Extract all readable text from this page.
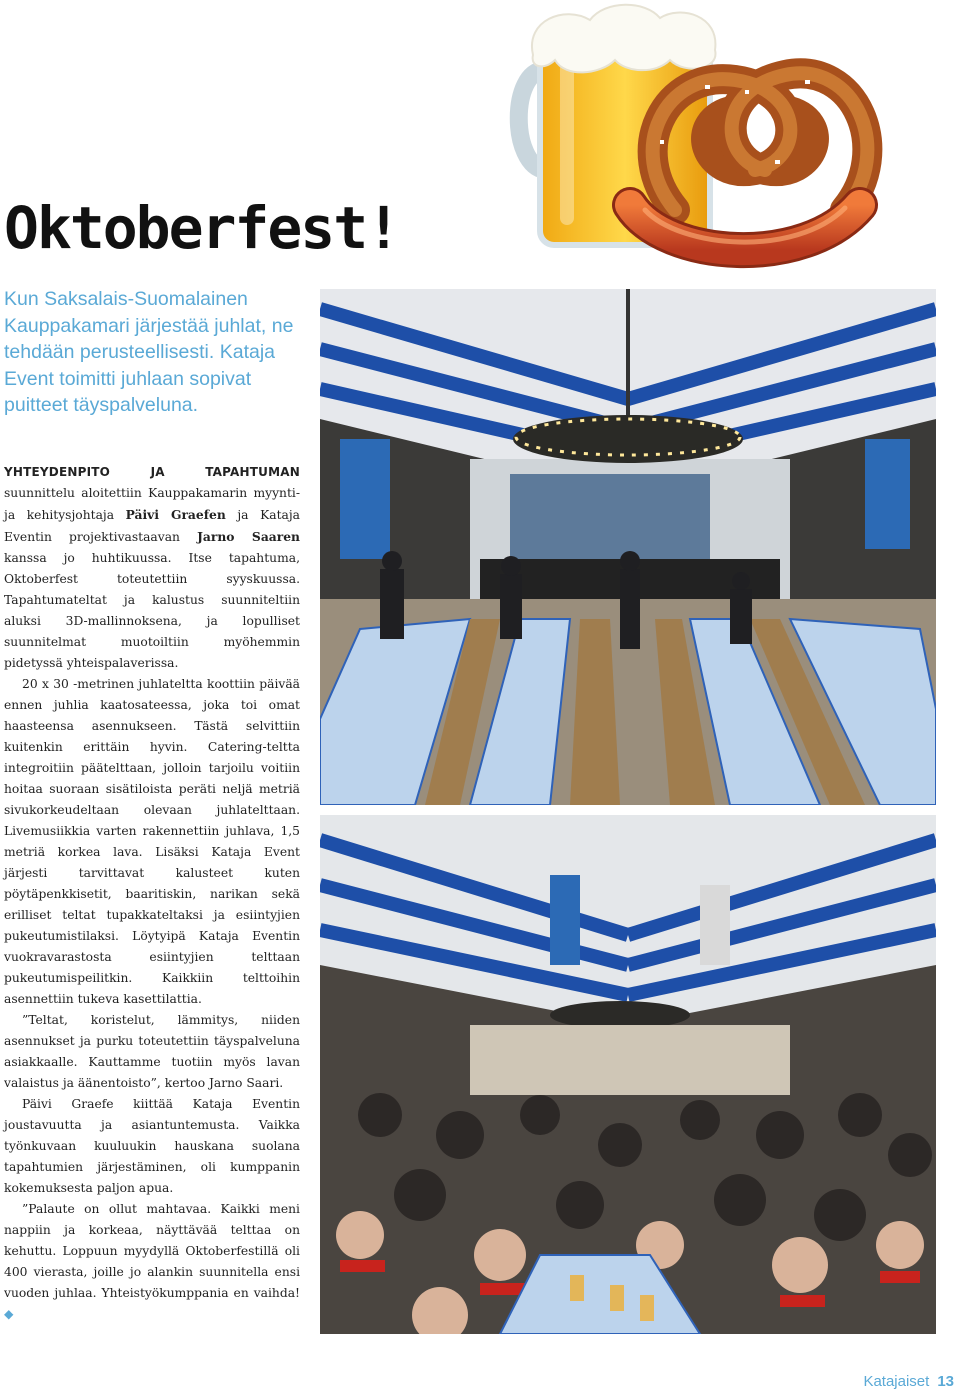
Oktoberfest!

Kun Saksalais-Suomalainen Kauppakamari järjestää juhlat, ne tehdään perusteellisesti. Kataja Event toimitti juhlaan sopivat puitteet täyspalveluna.

YHTEYDENPITO JA TAPAHTUMAN suunnittelu aloitettiin Kauppakamarin myynti- ja kehitysjohtaja Päivi Graefen ja Kataja Eventin projektivastaavan Jarno Saaren kanssa jo huhtikuussa. Itse tapahtuma, Oktoberfest toteutettiin syyskuussa. Tapahtumateltat ja kalustus suunniteltiin aluksi 3D-mallinnoksena, ja lopulliset suunnitelmat muotoiltiin myöhemmin pidetyssä yhteispalaverissa.

20 x 30 -metrinen juhlateltta koottiin päivää ennen juhlia kaatosateessa, joka toi omat haasteensa asennukseen. Tästä selvittiin kuitenkin erittäin hyvin. Catering-teltta integroitiin päätelttaan, jolloin tarjoilu voitiin hoitaa suoraan sisätiloista peräti neljä metriä sivukorkeudeltaan olevaan juhlatelttaan. Livemusiikkia varten rakennettiin juhlava, 1,5 metriä korkea lava. Lisäksi Kataja Event järjesti tarvittavat kalusteet kuten pöytäpenkkisetit, baaritiskin, narikan sekä erilliset teltat tupakkateltaksi ja esiintyjien pukeutumistilaksi. Löytyipä Kataja Eventin vuokravarastosta esiintyjien telttaan pukeutumispeilitkin. Kaikkiin telttoihin asennettiin tukeva kasettilattia.

”Teltat, koristelut, lämmitys, niiden asennukset ja purku toteutettiin täyspalveluna asiakkaalle. Kauttamme tuotiin myös lavan valaistus ja äänentoisto”, kertoo Jarno Saari.

Päivi Graefe kiittää Kataja Eventin joustavuutta ja asiantuntemusta. Vaikka työnkuvaan kuuluukin hauskana suolana tapahtumien järjestäminen, oli kumppanin kokemuksesta paljon apua.

”Palaute on ollut mahtavaa. Kaikki meni nappiin ja korkeaa, näyttävää telttaa on kehuttu. Loppuun myydyllä Oktoberfestillä oli 400 vierasta, joille jo alankin suunnitella ensi vuoden juhlaa. Yhteistyökumppania en vaihda!◆

Katajaiset 13
